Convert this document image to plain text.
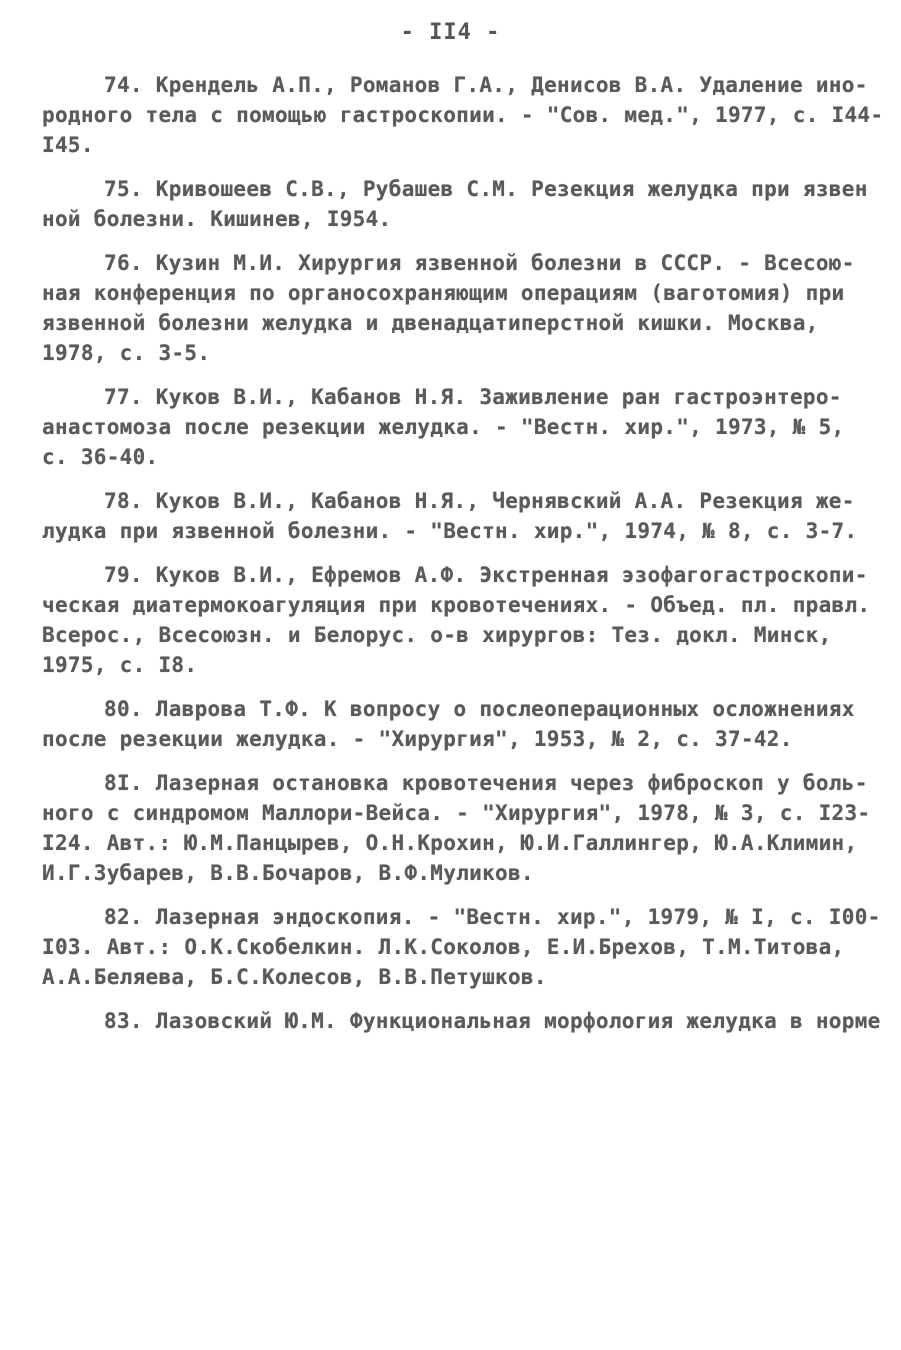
- II4 -
74. Крендель А.П., Романов Г.А., Денисов В.А. Удаление ино-
родного тела с помощью гастроскопии. - "Сов. мед.", 1977, с. I44-
I45.
75. Кривошеев С.В., Рубашев С.М. Резекция желудка при язвен
ной болезни. Кишинев, I954.
76. Кузин М.И. Хирургия язвенной болезни в СССР. - Всесою-
ная конференция по органосохраняющим операциям (ваготомия) при
язвенной болезни желудка и двенадцатиперстной кишки. Москва,
1978, с. 3-5.
77. Куков В.И., Кабанов Н.Я. Заживление ран гастроэнтеро-
анастомоза после резекции желудка. - "Вестн. хир.", 1973, № 5,
с. 36-40.
78. Куков В.И., Кабанов Н.Я., Чернявский А.А. Резекция же-
лудка при язвенной болезни. - "Вестн. хир.", 1974, № 8, с. 3-7.
79. Куков В.И., Ефремов А.Ф. Экстренная эзофагогастроскопи-
ческая диатермокоагуляция при кровотечениях. - Объед. пл. правл.
Всерос., Всесоюзн. и Белорус. о-в хирургов: Тез. докл. Минск,
1975, с. I8.
80. Лаврова Т.Ф. К вопросу о послеоперационных осложнениях
после резекции желудка. - "Хирургия", 1953, № 2, с. 37-42.
8I. Лазерная остановка кровотечения через фиброскоп у боль-
ного с синдромом Маллори-Вейса. - "Хирургия", 1978, № 3, с. I23-
I24. Авт.: Ю.М.Панцырев, О.Н.Крохин, Ю.И.Галлингер, Ю.А.Климин,
И.Г.Зубарев, В.В.Бочаров, В.Ф.Муликов.
82. Лазерная эндоскопия. - "Вестн. хир.", 1979, № I, с. I00-
I03. Авт.: О.К.Скобелкин. Л.К.Соколов, Е.И.Брехов, Т.М.Титова,
А.А.Беляева, Б.С.Колесов, В.В.Петушков.
83. Лазовский Ю.М. Функциональная морфология желудка в норме
